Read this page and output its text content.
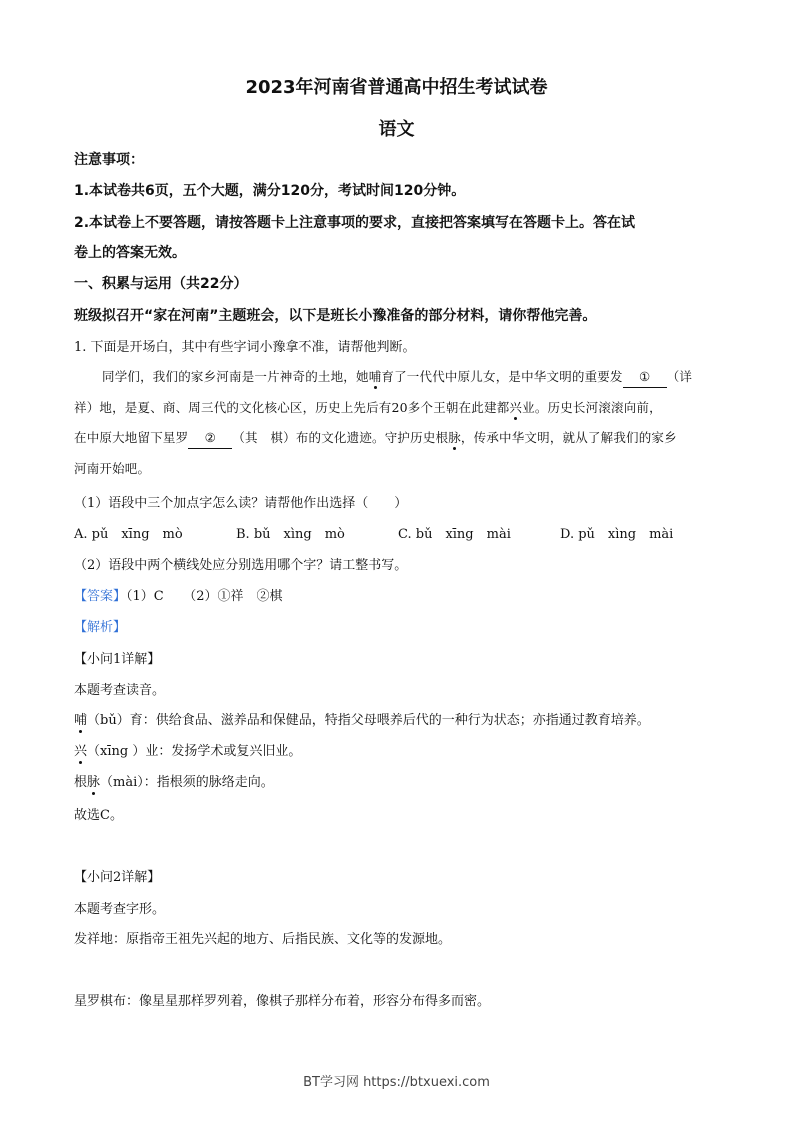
2023年河南省普通高中招生考试试卷
语文

注意事项：

1.本试卷共6页，五个大题，满分120分，考试时间120分钟。

2.本试卷上不要答题，请按答题卡上注意事项的要求，直接把答案填写在答题卡上。答在试

卷上的答案无效。

一、积累与运用（共22分）

班级拟召开“家在河南”主题班会，以下是班长小豫准备的部分材料，请你帮他完善。

1. 下面是开场白，其中有些字词小豫拿不准，请帮他判断。

同学们，我们的家乡河南是一片神奇的土地，她哺育了一代代中原儿女，是中华文明的重要发 ① （详

祥）地，是夏、商、周三代的文化核心区，历史上先后有20多个王朝在此建都兴业。历史长河滚滚向前，

在中原大地留下星罗 ② （其　棋）布的文化遗迹。守护历史根脉，传承中华文明，就从了解我们的家乡

河南开始吧。

（1）语段中三个加点字怎么读？请帮他作出选择（　　）

A. pǔ　xīng　mò	B. bǔ　xìng　mò	C. bǔ　xīng　mài	D. pǔ　xìng　mài

（2）语段中两个横线处应分别选用哪个字？请工整书写。

【答案】（1）C　　（2）①祥　②棋

【解析】

【小问1详解】

本题考查读音。

哺（bǔ）育：供给食品、滋养品和保健品，特指父母喂养后代的一种行为状态；亦指通过教育培养。

兴（xīng ）业：发扬学术或复兴旧业。

根脉（mài）：指根须的脉络走向。

故选C。

【小问2详解】

本题考查字形。

发祥地：原指帝王祖先兴起的地方、后指民族、文化等的发源地。

星罗棋布：像星星那样罗列着，像棋子那样分布着，形容分布得多而密。

BT学习网 https://btxuexi.com
